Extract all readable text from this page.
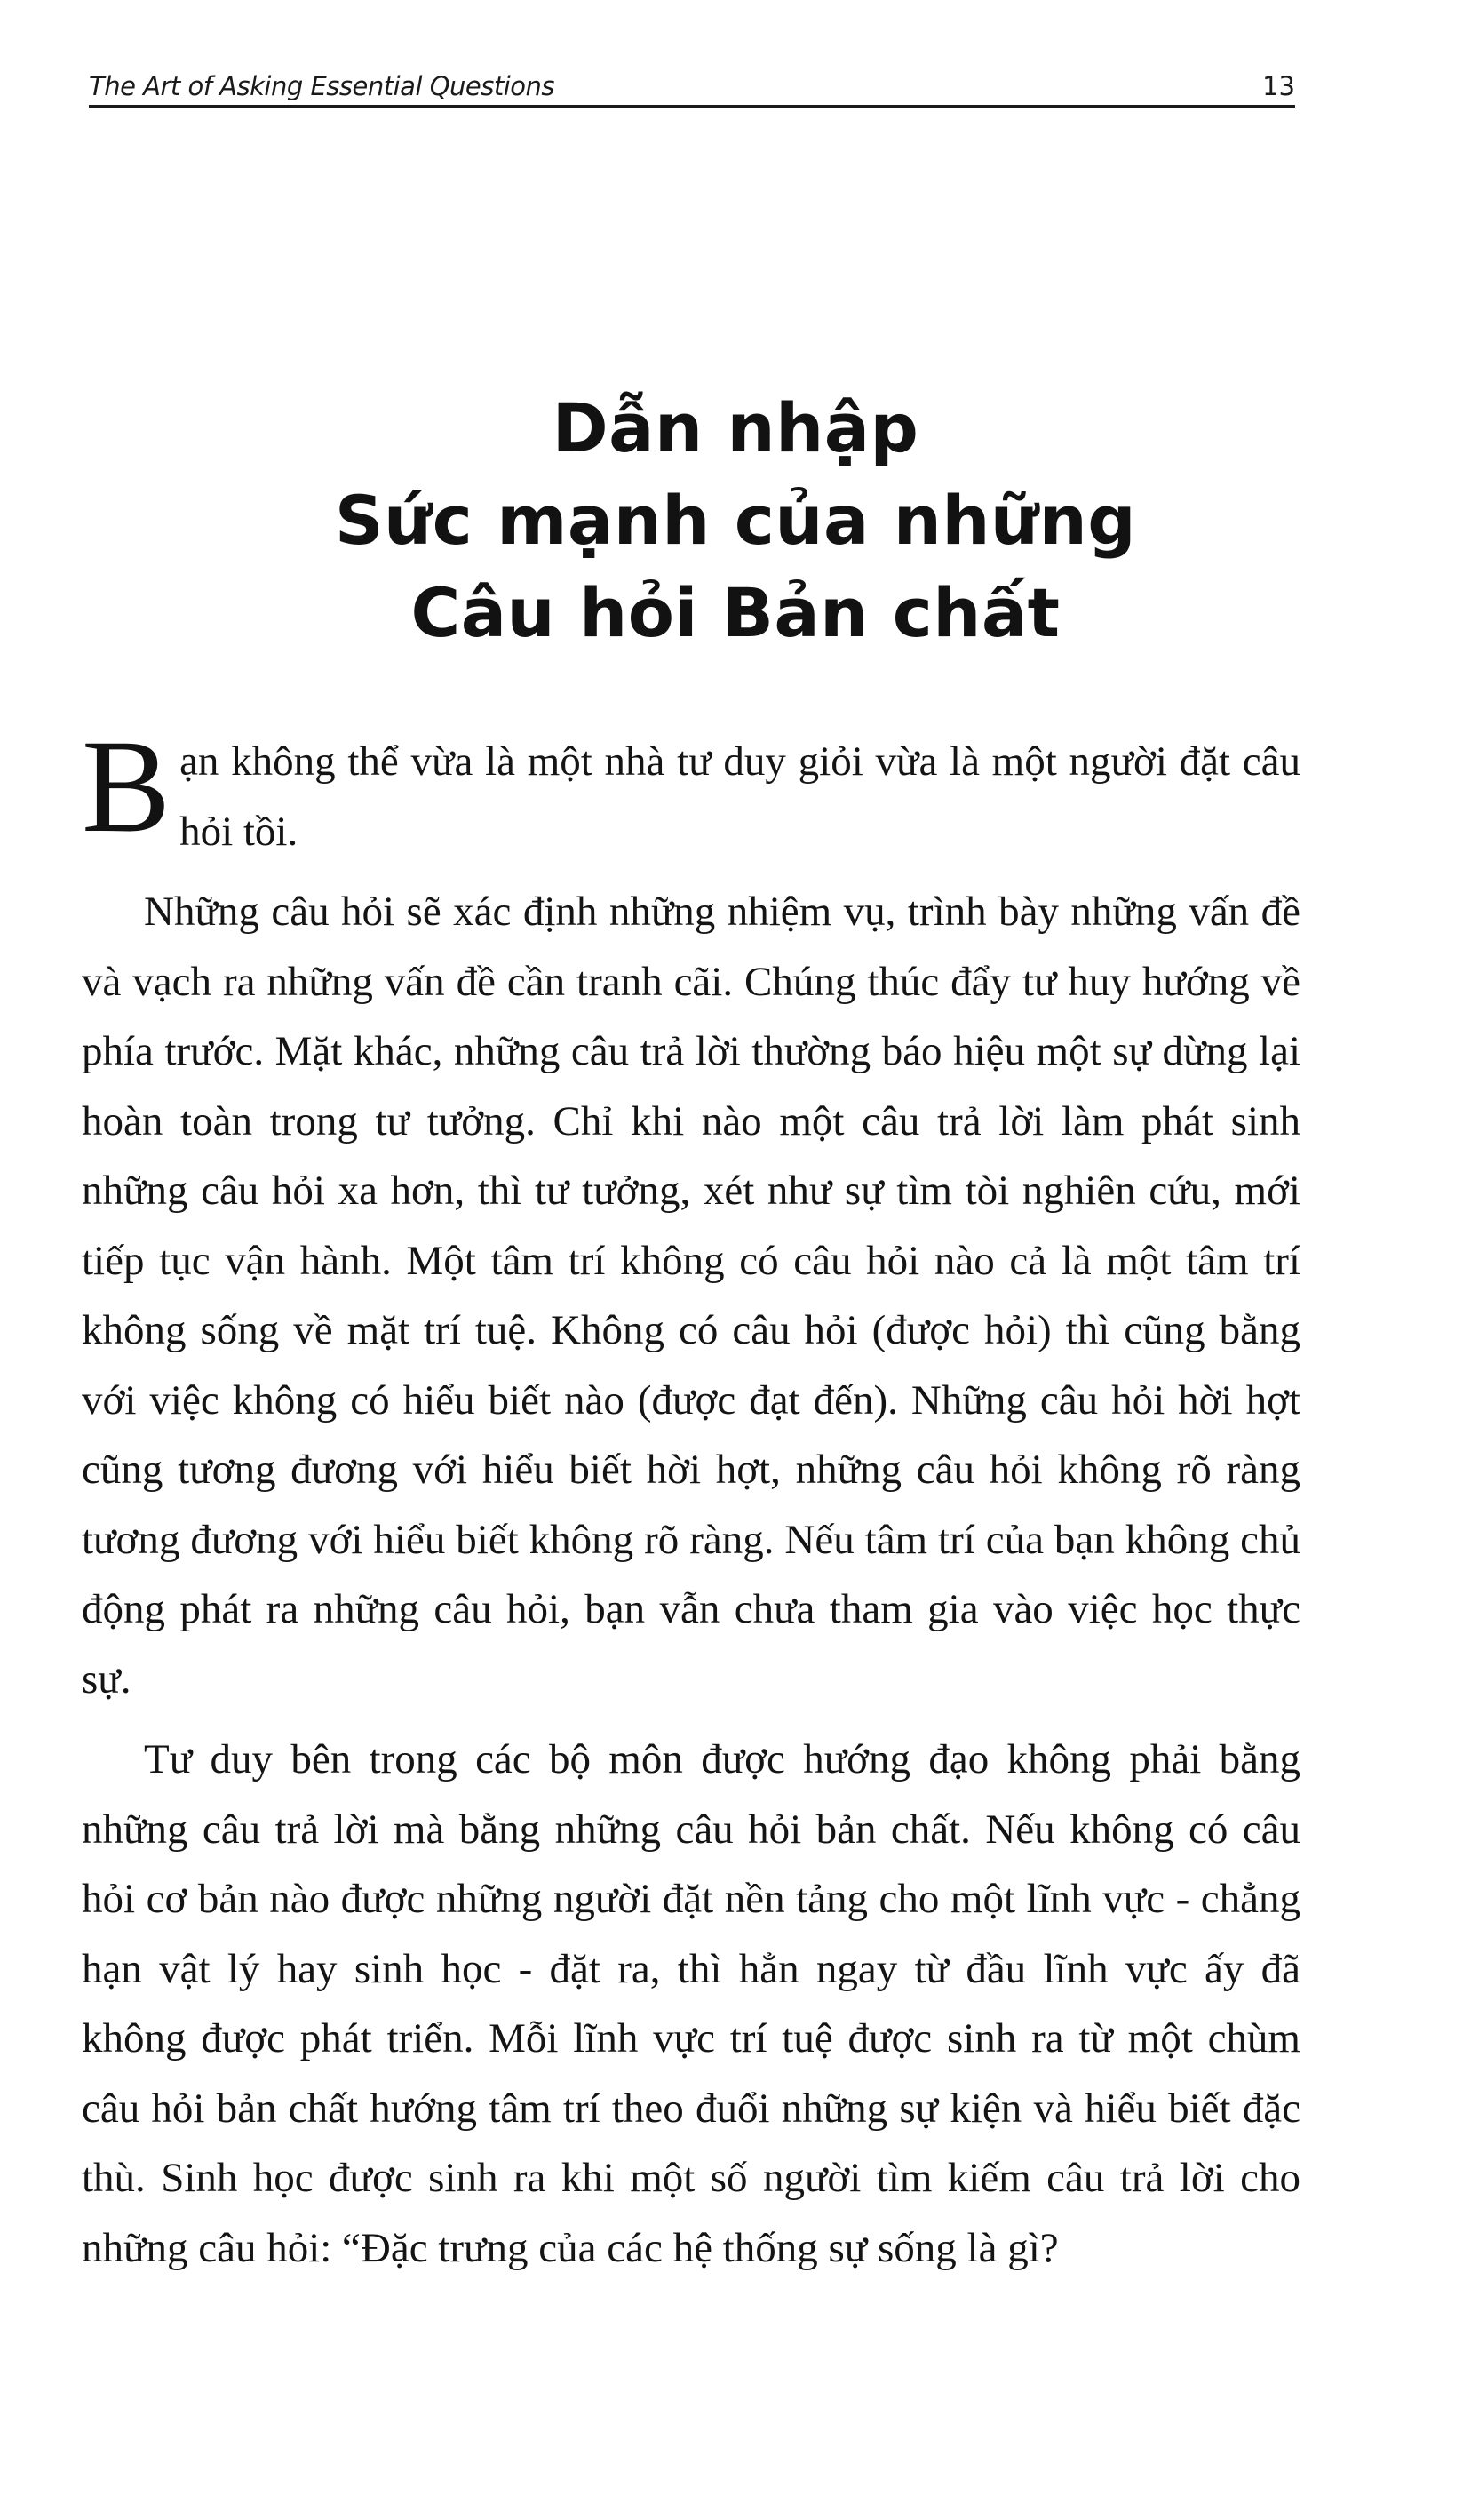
The Art of Asking Essential Questions	13
Dẫn nhập
Sức mạnh của những
Câu hỏi Bản chất

Bạn không thể vừa là một nhà tư duy giỏi vừa là một người đặt câu hỏi tồi.

Những câu hỏi sẽ xác định những nhiệm vụ, trình bày những vấn đề và vạch ra những vấn đề cần tranh cãi. Chúng thúc đẩy tư huy hướng về phía trước. Mặt khác, những câu trả lời thường báo hiệu một sự dừng lại hoàn toàn trong tư tưởng. Chỉ khi nào một câu trả lời làm phát sinh những câu hỏi xa hơn, thì tư tưởng, xét như sự tìm tòi nghiên cứu, mới tiếp tục vận hành. Một tâm trí không có câu hỏi nào cả là một tâm trí không sống về mặt trí tuệ. Không có câu hỏi (được hỏi) thì cũng bằng với việc không có hiểu biết nào (được đạt đến). Những câu hỏi hời hợt cũng tương đương với hiểu biết hời hợt, những câu hỏi không rõ ràng tương đương với hiểu biết không rõ ràng. Nếu tâm trí của bạn không chủ động phát ra những câu hỏi, bạn vẫn chưa tham gia vào việc học thực sự.

Tư duy bên trong các bộ môn được hướng đạo không phải bằng những câu trả lời mà bằng những câu hỏi bản chất. Nếu không có câu hỏi cơ bản nào được những người đặt nền tảng cho một lĩnh vực - chẳng hạn vật lý hay sinh học - đặt ra, thì hẳn ngay từ đầu lĩnh vực ấy đã không được phát triển. Mỗi lĩnh vực trí tuệ được sinh ra từ một chùm câu hỏi bản chất hướng tâm trí theo đuổi những sự kiện và hiểu biết đặc thù. Sinh học được sinh ra khi một số người tìm kiếm câu trả lời cho những câu hỏi: “Đặc trưng của các hệ thống sự sống là gì?
